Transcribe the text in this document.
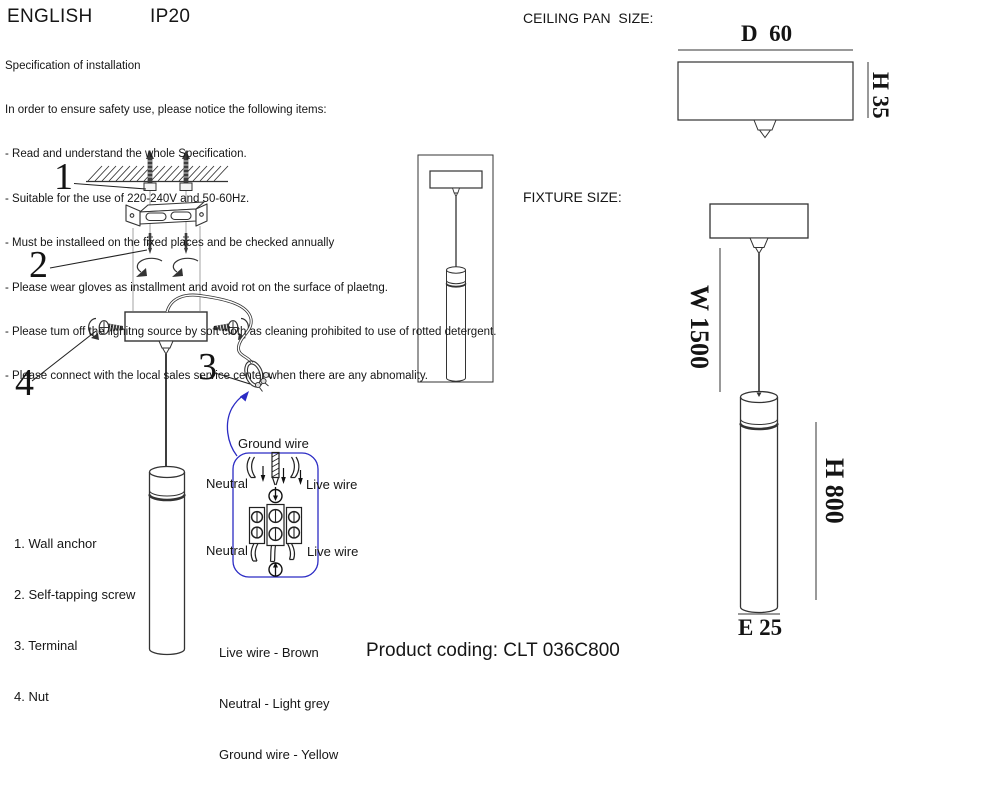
ENGLISH	IP20

Specification of installation

In order to ensure safety use, please notice the following items:

- Read and understand the whole Specification.

- Suitable for the use of 220-240V and 50-60Hz.

- Must be installeed on the fixed places and be checked annually

- Please wear gloves as installment and avoid rot on the surface of plaetng.

- Please tum off the lighitng source by soft cloth as cleaning prohibited to use of rotted detergent.

- Please connect with the local sales service center when there are any abnomality.

CEILING PAN  SIZE:
FIXTURE SIZE:
D  60
H 35
W 1500
H 800
E 25
1
2
3
4

1. Wall anchor

2. Self-tapping screw

3. Terminal

4. Nut

Ground wire
Neutral	Live wire
Neutral	Live wire

Live wire - Brown

Neutral - Light grey

Ground wire - Yellow

Product coding: CLT 036C800
